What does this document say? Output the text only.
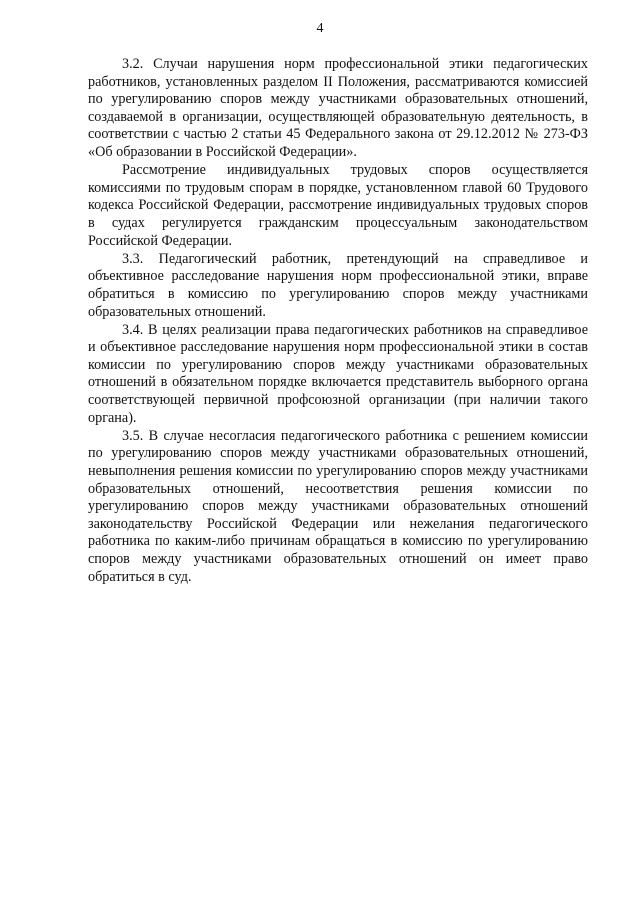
4

3.2. Случаи нарушения норм профессиональной этики педагогических работников, установленных разделом II Положения, рассматриваются комиссией по урегулированию споров между участниками образовательных отношений, создаваемой в организации, осуществляющей образовательную деятельность, в соответствии с частью 2 статьи 45 Федерального закона от 29.12.2012 № 273-ФЗ «Об образовании в Российской Федерации».

Рассмотрение индивидуальных трудовых споров осуществляется комиссиями по трудовым спорам в порядке, установленном главой 60 Трудового кодекса Российской Федерации, рассмотрение индивидуальных трудовых споров в судах регулируется гражданским процессуальным законодательством Российской Федерации.

3.3. Педагогический работник, претендующий на справедливое и объективное расследование нарушения норм профессиональной этики, вправе обратиться в комиссию по урегулированию споров между участниками образовательных отношений.

3.4. В целях реализации права педагогических работников на справедливое и объективное расследование нарушения норм профессиональной этики в состав комиссии по урегулированию споров между участниками образовательных отношений в обязательном порядке включается представитель выборного органа соответствующей первичной профсоюзной организации (при наличии такого органа).

3.5. В случае несогласия педагогического работника с решением комиссии по урегулированию споров между участниками образовательных отношений, невыполнения решения комиссии по урегулированию споров между участниками образовательных отношений, несоответствия решения комиссии по урегулированию споров между участниками образовательных отношений законодательству Российской Федерации или нежелания педагогического работника по каким-либо причинам обращаться в комиссию по урегулированию споров между участниками образовательных отношений он имеет право обратиться в суд.
